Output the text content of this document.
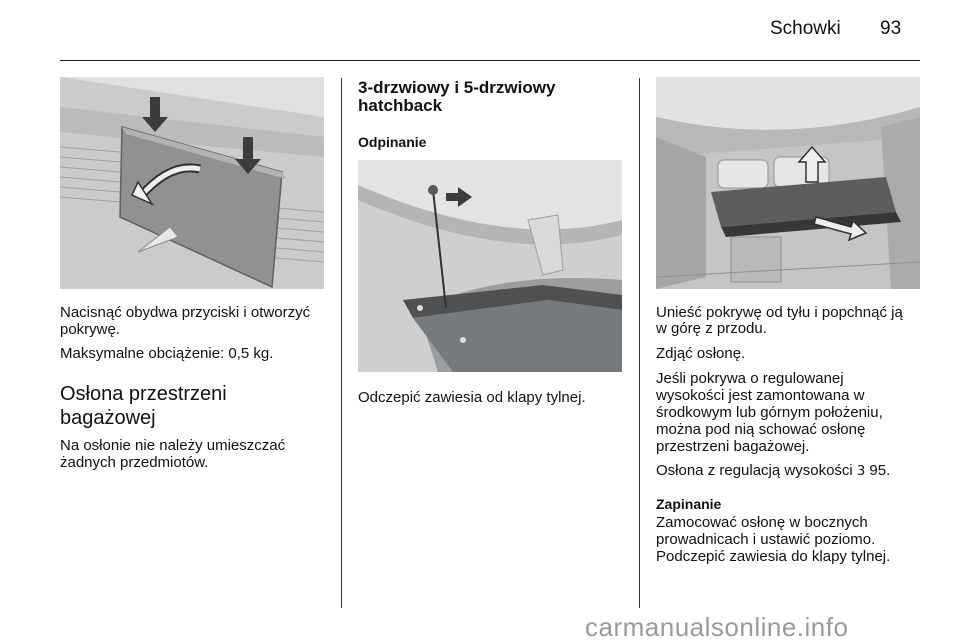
Schowki 93
Nacisnąć obydwa przyciski i otworzyć pokrywę.
Maksymalne obciążenie: 0,5 kg.
Osłona przestrzeni
bagażowej
Na osłonie nie należy umieszczać
żadnych przedmiotów.
3-drzwiowy i 5-drzwiowy
hatchback
Odpinanie
Odczepić zawiesia od klapy tylnej.
Unieść pokrywę od tyłu i popchnąć ją
w górę z przodu.
Zdjąć osłonę.
Jeśli pokrywa o regulowanej
wysokości jest zamontowana w
środkowym lub górnym położeniu,
można pod nią schować osłonę
przestrzeni bagażowej.
Osłona z regulacją wysokości 3 95.
Zapinanie
Zamocować osłonę w bocznych
prowadnicach i ustawić poziomo.
Podczepić zawiesia do klapy tylnej.
carmanualsonline.info
